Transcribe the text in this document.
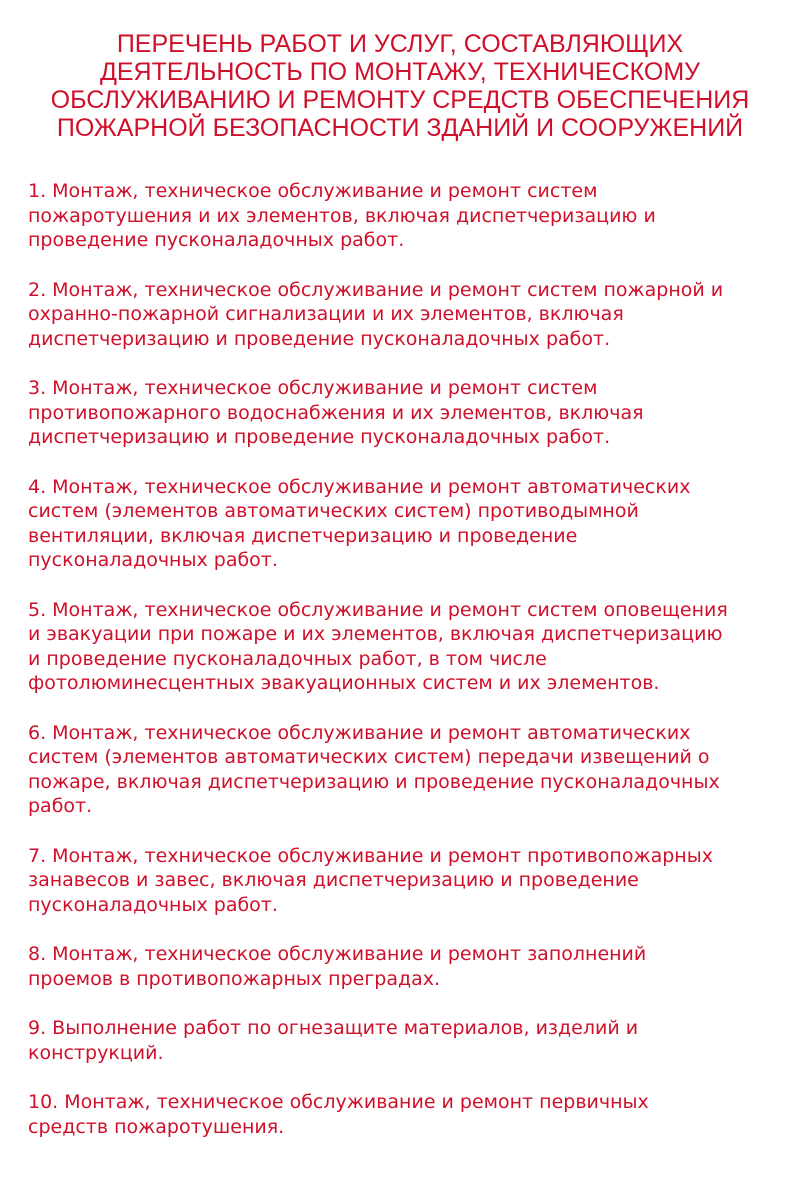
ПЕРЕЧЕНЬ РАБОТ И УСЛУГ, СОСТАВЛЯЮЩИХ
ДЕЯТЕЛЬНОСТЬ ПО МОНТАЖУ, ТЕХНИЧЕСКОМУ
ОБСЛУЖИВАНИЮ И РЕМОНТУ СРЕДСТВ ОБЕСПЕЧЕНИЯ
ПОЖАРНОЙ БЕЗОПАСНОСТИ ЗДАНИЙ И СООРУЖЕНИЙ
1. Монтаж, техническое обслуживание и ремонт систем
пожаротушения и их элементов, включая диспетчеризацию и
проведение пусконаладочных работ.
2. Монтаж, техническое обслуживание и ремонт систем пожарной и
охранно-пожарной сигнализации и их элементов, включая
диспетчеризацию и проведение пусконаладочных работ.
3. Монтаж, техническое обслуживание и ремонт систем
противопожарного водоснабжения и их элементов, включая
диспетчеризацию и проведение пусконаладочных работ.
4. Монтаж, техническое обслуживание и ремонт автоматических
систем (элементов автоматических систем) противодымной
вентиляции, включая диспетчеризацию и проведение
пусконаладочных работ.
5. Монтаж, техническое обслуживание и ремонт систем оповещения
и эвакуации при пожаре и их элементов, включая диспетчеризацию
и проведение пусконаладочных работ, в том числе
фотолюминесцентных эвакуационных систем и их элементов.
6. Монтаж, техническое обслуживание и ремонт автоматических
систем (элементов автоматических систем) передачи извещений о
пожаре, включая диспетчеризацию и проведение пусконаладочных
работ.
7. Монтаж, техническое обслуживание и ремонт противопожарных
занавесов и завес, включая диспетчеризацию и проведение
пусконаладочных работ.
8. Монтаж, техническое обслуживание и ремонт заполнений
проемов в противопожарных преградах.
9. Выполнение работ по огнезащите материалов, изделий и
конструкций.
10. Монтаж, техническое обслуживание и ремонт первичных
средств пожаротушения.
